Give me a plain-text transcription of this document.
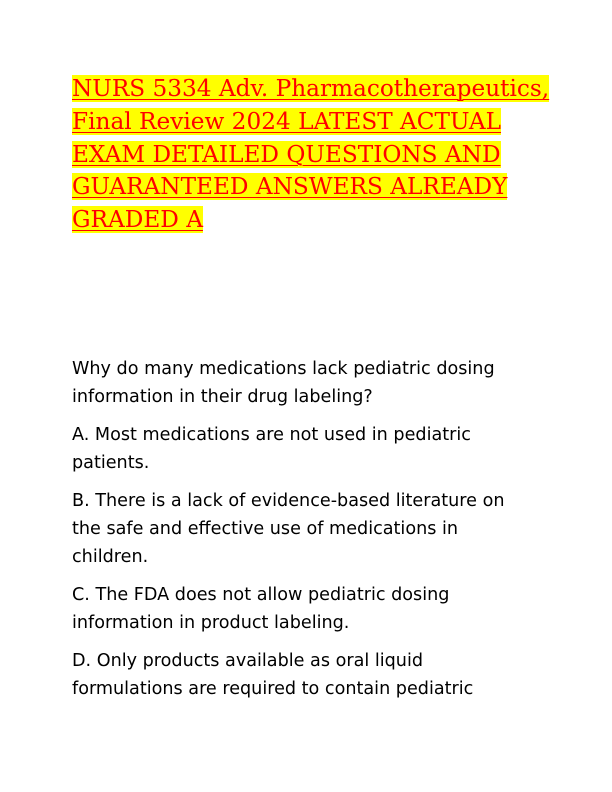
NURS 5334 Adv. Pharmacotherapeutics,
Final Review 2024 LATEST ACTUAL
EXAM DETAILED QUESTIONS AND
GUARANTEED ANSWERS ALREADY
GRADED A

Why do many medications lack pediatric dosing
information in their drug labeling?

A. Most medications are not used in pediatric
patients.

B. There is a lack of evidence-based literature on
the safe and effective use of medications in
children.

C. The FDA does not allow pediatric dosing
information in product labeling.

D. Only products available as oral liquid
formulations are required to contain pediatric
